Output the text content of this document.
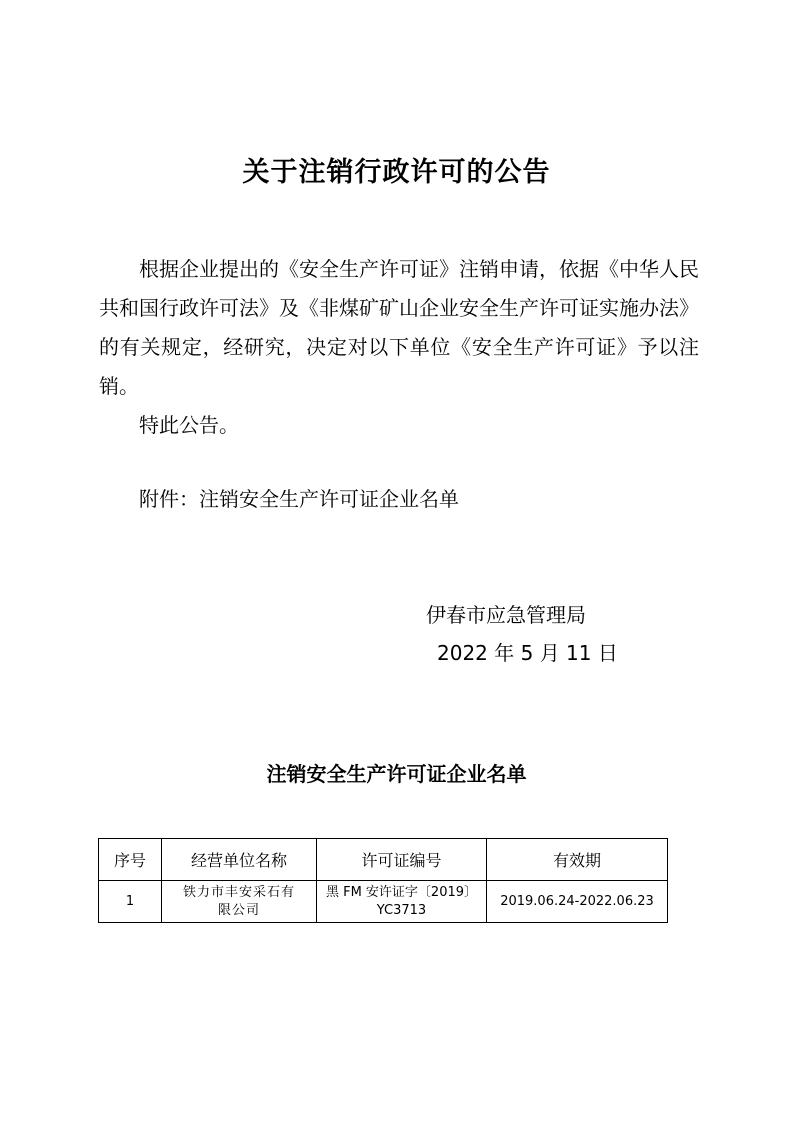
关于注销行政许可的公告

根据企业提出的《安全生产许可证》注销申请，依据《中华人民共和国行政许可法》及《非煤矿矿山企业安全生产许可证实施办法》的有关规定，经研究，决定对以下单位《安全生产许可证》予以注销。

特此公告。

附件：注销安全生产许可证企业名单
伊春市应急管理局
2022 年 5 月 11 日
注销安全生产许可证企业名单
序号	经营单位名称	许可证编号	有效期
1	铁力市丰安采石有限公司	黑 FM 安许证字〔2019〕YC3713	2019.06.24-2022.06.23
